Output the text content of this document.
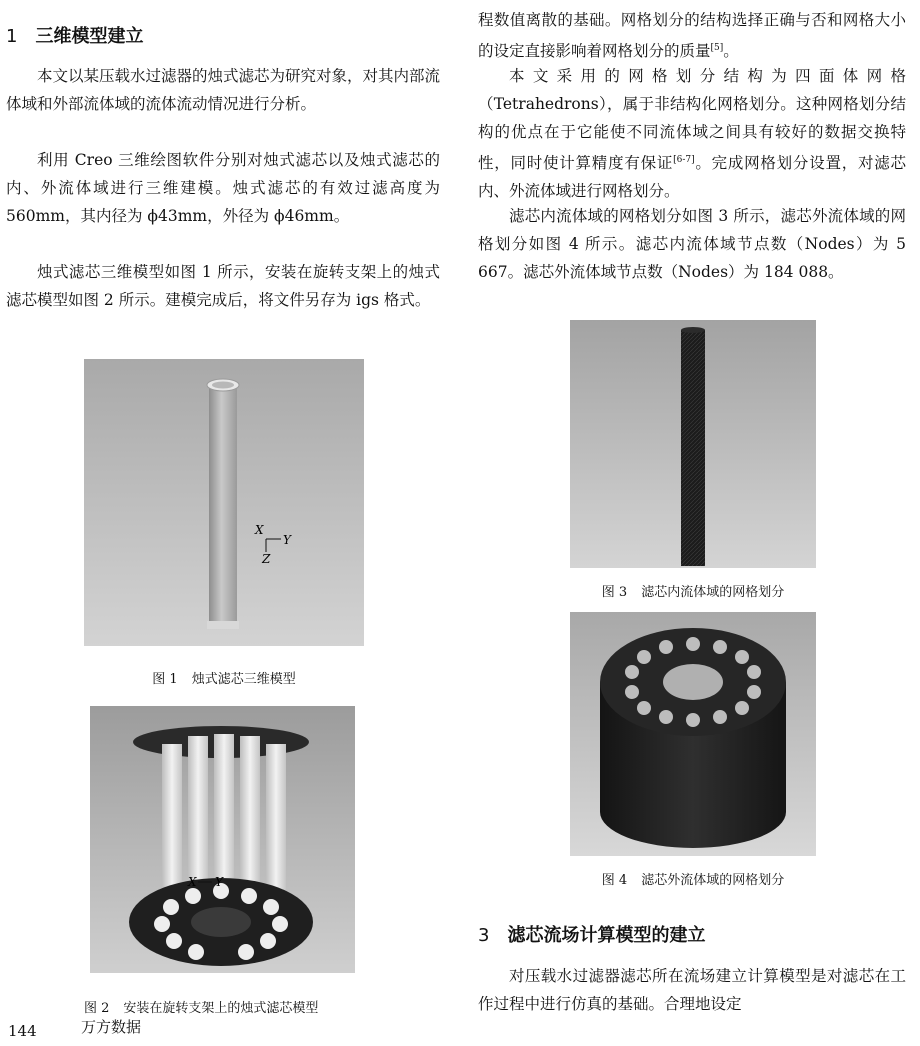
1 三维模型建立

本文以某压载水过滤器的烛式滤芯为研究对象，对其内部流体域和外部流体域的流体流动情况进行分析。

利用 Creo 三维绘图软件分别对烛式滤芯以及烛式滤芯的内、外流体域进行三维建模。烛式滤芯的有效过滤高度为 560mm，其内径为 ϕ43mm，外径为 ϕ46mm。

烛式滤芯三维模型如图 1 所示，安装在旋转支架上的烛式滤芯模型如图 2 所示。建模完成后，将文件另存为 igs 格式。

X
Y
Z
图 1 烛式滤芯三维模型
X Y
图 2 安装在旋转支架上的烛式滤芯模型
144	万方数据

程数值离散的基础。网格划分的结构选择正确与否和网格大小的设定直接影响着网格划分的质量[5]。

本文采用的网格划分结构为四面体网格（Tetrahedrons），属于非结构化网格划分。这种网格划分结构的优点在于它能使不同流体域之间具有较好的数据交换特性，同时使计算精度有保证[6-7]。完成网格划分设置，对滤芯内、外流体域进行网格划分。

滤芯内流体域的网格划分如图 3 所示，滤芯外流体域的网格划分如图 4 所示。滤芯内流体域节点数（Nodes）为 5 667。滤芯外流体域节点数（Nodes）为 184 088。

图 3 滤芯内流体域的网格划分
图 4 滤芯外流体域的网格划分
3 滤芯流场计算模型的建立

对压载水过滤器滤芯所在流场建立计算模型是对滤芯在工作过程中进行仿真的基础。合理地设定
